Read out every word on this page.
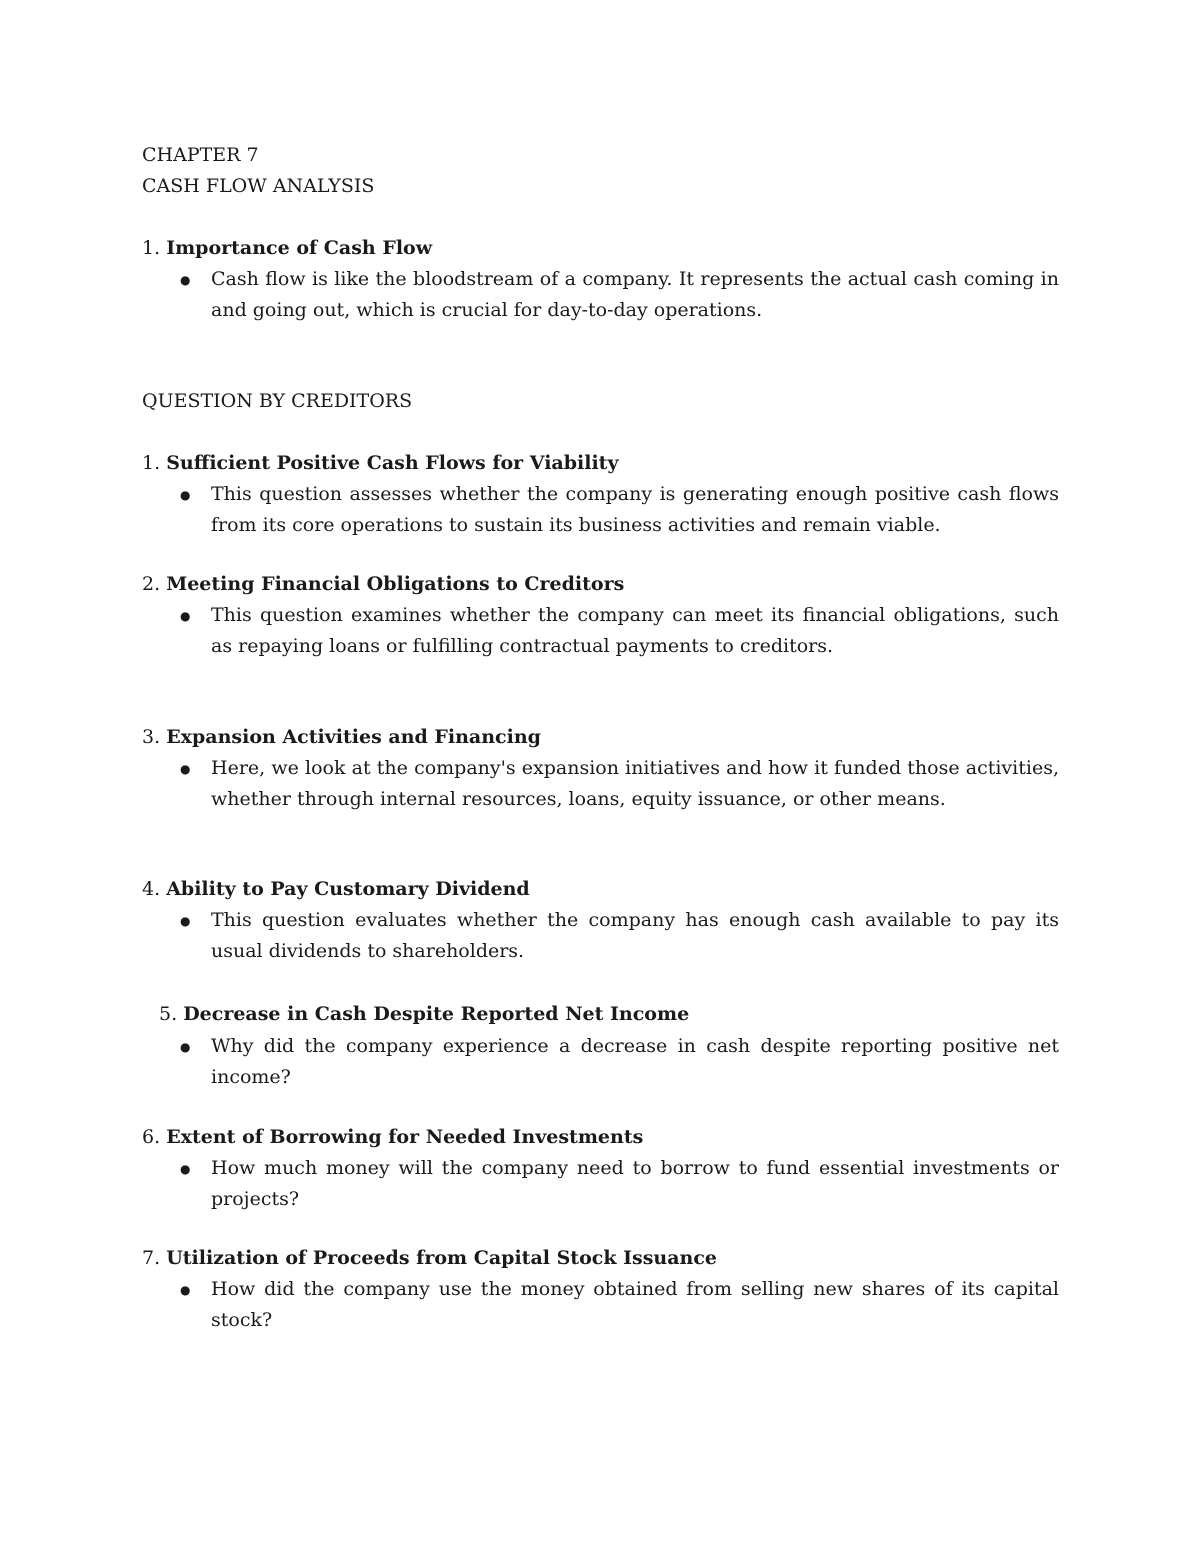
CHAPTER 7
CASH FLOW ANALYSIS
1. Importance of Cash Flow
● Cash flow is like the bloodstream of a company. It represents the actual cash coming in and going out, which is crucial for day-to-day operations.
QUESTION BY CREDITORS
1. Sufficient Positive Cash Flows for Viability
● This question assesses whether the company is generating enough positive cash flows from its core operations to sustain its business activities and remain viable.
2. Meeting Financial Obligations to Creditors
● This question examines whether the company can meet its financial obligations, such as repaying loans or fulfilling contractual payments to creditors.
3. Expansion Activities and Financing
● Here, we look at the company's expansion initiatives and how it funded those activities, whether through internal resources, loans, equity issuance, or other means.
4. Ability to Pay Customary Dividend
● This question evaluates whether the company has enough cash available to pay its usual dividends to shareholders.
5. Decrease in Cash Despite Reported Net Income
● Why did the company experience a decrease in cash despite reporting positive net income?
6. Extent of Borrowing for Needed Investments
● How much money will the company need to borrow to fund essential investments or projects?
7. Utilization of Proceeds from Capital Stock Issuance
● How did the company use the money obtained from selling new shares of its capital stock?
